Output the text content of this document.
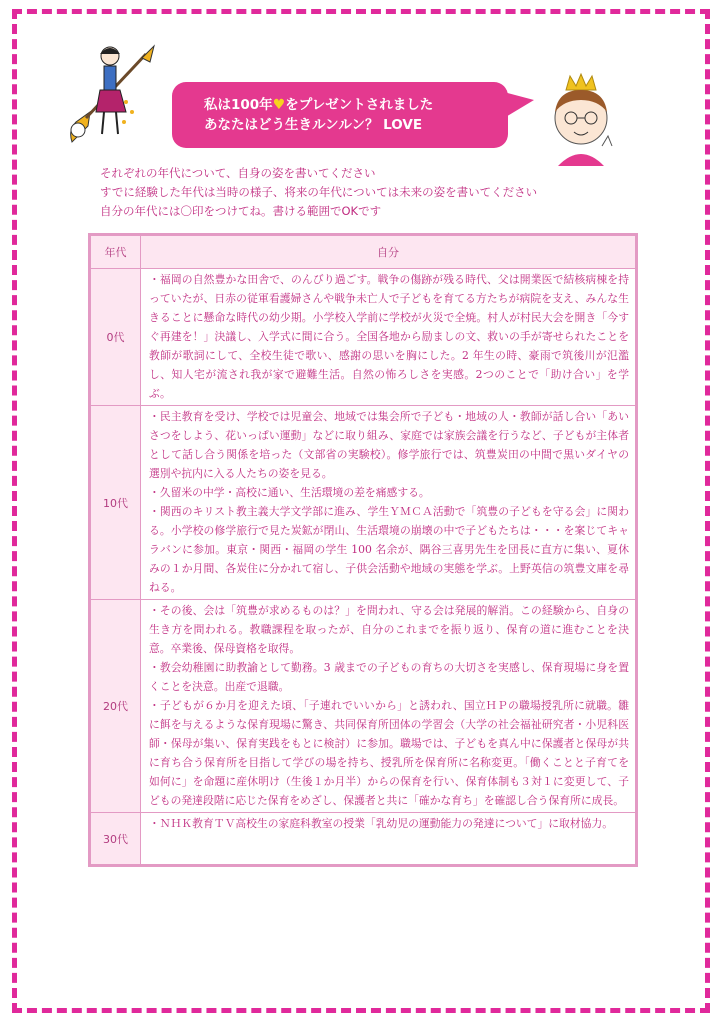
私は100年♥をプレゼントされました
あなたはどう生きルンルン？ LOVE
それぞれの年代について、自身の姿を書いてください
すでに経験した年代は当時の様子、将来の年代については未来の姿を書いてください
自分の年代には〇印をつけてね。書ける範囲でOKです
年代	自分
0代	・福岡の自然豊かな田舎で、のんびり過ごす。戦争の傷跡が残る時代、父は開業医で結核病棟を持っていたが、日赤の従軍看護婦さんや戦争未亡人で子どもを育てる方たちが病院を支え、みんな生きることに懸命な時代の幼少期。小学校入学前に学校が火災で全焼。村人が村民大会を開き「今すぐ再建を！」決議し、入学式に間に合う。全国各地から励ましの文、救いの手が寄せられたことを教師が歌詞にして、全校生徒で歌い、感謝の思いを胸にした。2 年生の時、豪雨で筑後川が氾濫し、知人宅が流され我が家で避難生活。自然の怖ろしさを実感。2つのことで「助け合い」を学ぶ。

10代	・民主教育を受け、学校では児童会、地域では集会所で子ども・地域の人・教師が話し合い「あいさつをしよう、花いっぱい運動」などに取り組み、家庭では家族会議を行うなど、子どもが主体者として話し合う関係を培った（文部省の実験校）。修学旅行では、筑豊炭田の中間で黒いダイヤの選別や抗内に入る人たちの姿を見る。

・久留米の中学・高校に通い、生活環境の差を痛感する。

・関西のキリスト教主義大学文学部に進み、学生ＹＭＣＡ活動で「筑豊の子どもを守る会」に関わる。小学校の修学旅行で見た炭鉱が閉山、生活環境の崩壊の中で子どもたちは・・・を案じてキャラバンに参加。東京・関西・福岡の学生 100 名余が、隅谷三喜男先生を団長に直方に集い、夏休みの１か月間、各炭住に分かれて宿し、子供会活動や地域の実態を学ぶ。上野英信の筑豊文庫を尋ねる。

20代	・その後、会は「筑豊が求めるものは？」を問われ、守る会は発展的解消。この経験から、自身の生き方を問われる。教職課程を取ったが、自分のこれまでを振り返り、保育の道に進むことを決意。卒業後、保母資格を取得。

・教会幼稚園に助教諭として勤務。3 歳までの子どもの育ちの大切さを実感し、保育現場に身を置くことを決意。出産で退職。

・子どもが６か月を迎えた頃、「子連れでいいから」と誘われ、国立ＨＰの職場授乳所に就職。雛に餌を与えるような保育現場に驚き、共同保育所団体の学習会（大学の社会福祉研究者・小児科医師・保母が集い、保育実践をもとに検討）に参加。職場では、子どもを真ん中に保護者と保母が共に育ち合う保育所を目指して学びの場を持ち、授乳所を保育所に名称変更。「働くことと子育てを如何に」を命題に産休明け（生後１か月半）からの保育を行い、保育体制も３対１に変更して、子どもの発達段階に応じた保育をめざし、保護者と共に「確かな育ち」を確認し合う保育所に成長。

30代	・ＮＨＫ教育ＴＶ高校生の家庭科教室の授業「乳幼児の運動能力の発達について」に取材協力。
